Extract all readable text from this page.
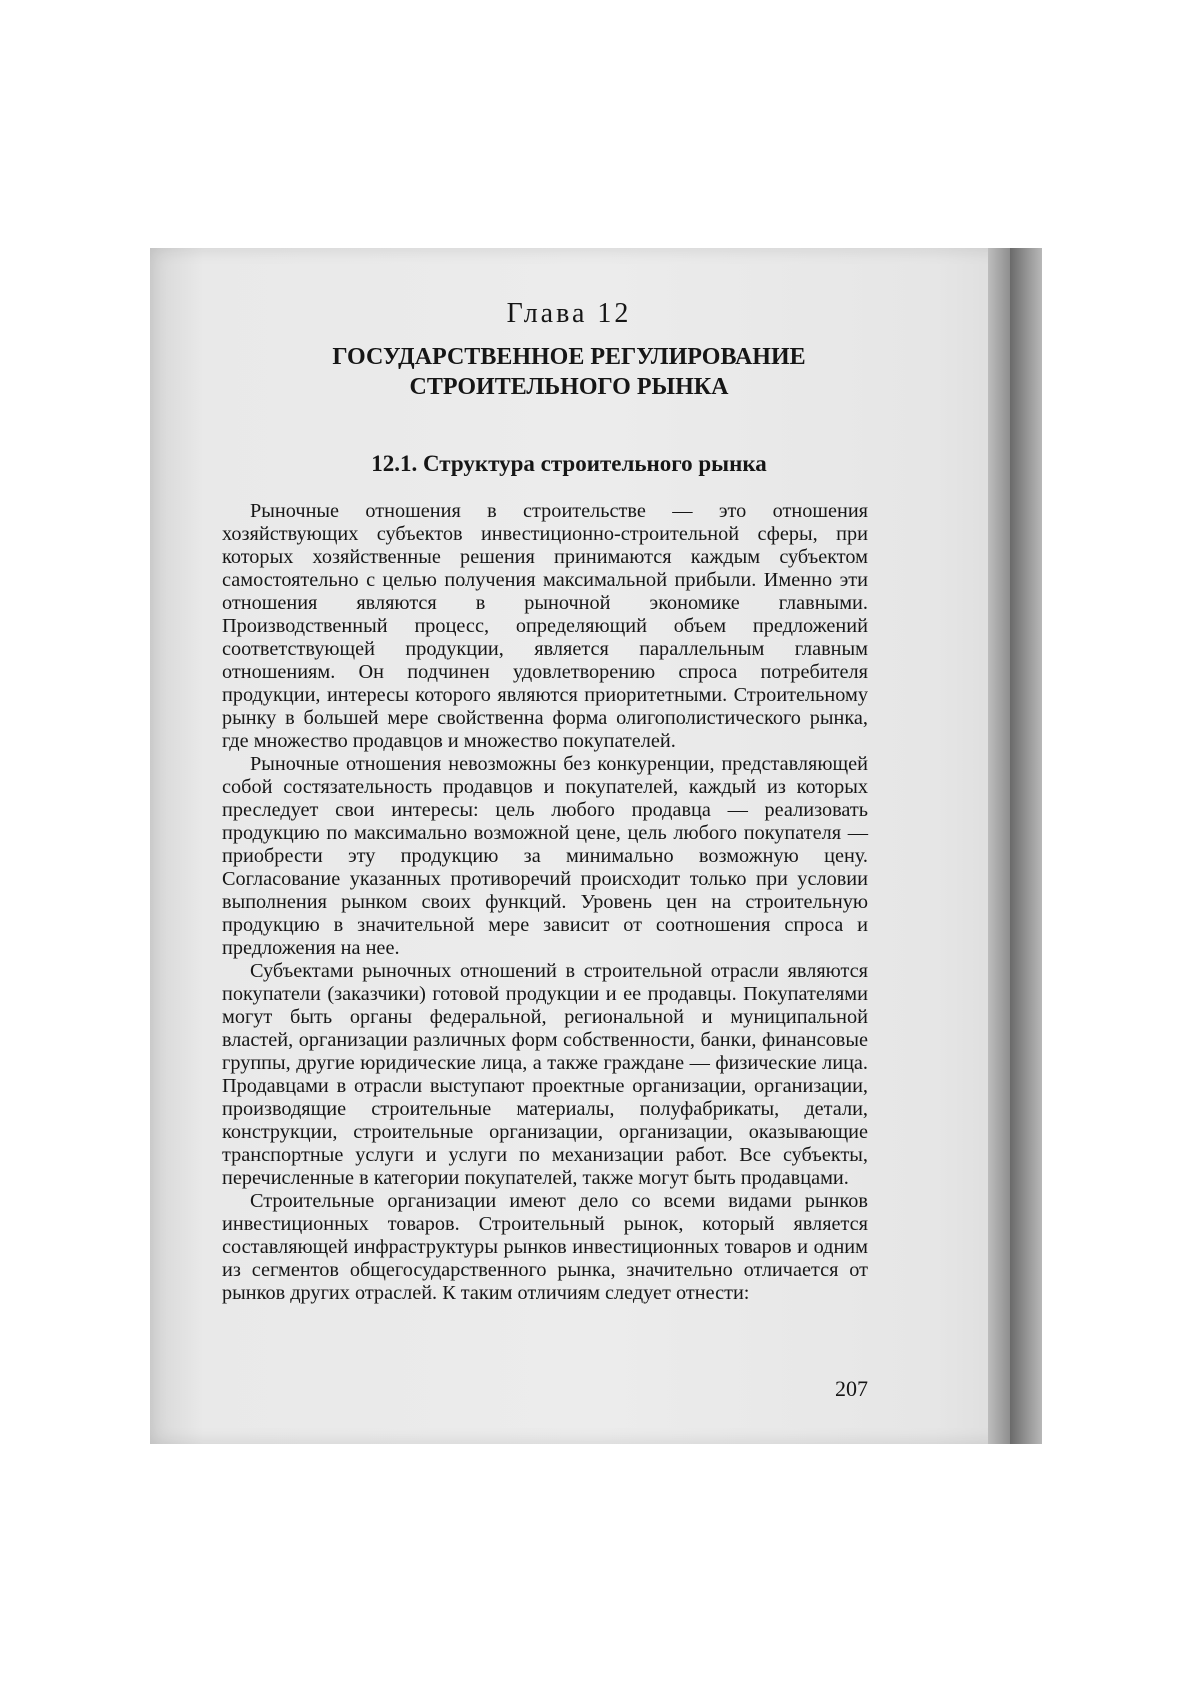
Глава 12
ГОСУДАРСТВЕННОЕ РЕГУЛИРОВАНИЕ
СТРОИТЕЛЬНОГО РЫНКА
12.1. Структура строительного рынка

Рыночные отношения в строительстве — это отношения хозяйствующих субъектов инвестиционно-строительной сферы, при которых хозяйственные решения принимаются каждым субъектом самостоятельно с целью получения максимальной прибыли. Именно эти отношения являются в рыночной экономике главными. Производственный процесс, определяющий объем предложений соответствующей продукции, является параллельным главным отношениям. Он подчинен удовлетворению спроса потребителя продукции, интересы которого являются приоритетными. Строительному рынку в большей мере свойственна форма олигополистического рынка, где множество продавцов и множество покупателей.

Рыночные отношения невозможны без конкуренции, представляющей собой состязательность продавцов и покупателей, каждый из которых преследует свои интересы: цель любого продавца — реализовать продукцию по максимально возможной цене, цель любого покупателя — приобрести эту продукцию за минимально возможную цену. Согласование указанных противоречий происходит только при условии выполнения рынком своих функций. Уровень цен на строительную продукцию в значительной мере зависит от соотношения спроса и предложения на нее.

Субъектами рыночных отношений в строительной отрасли являются покупатели (заказчики) готовой продукции и ее продавцы. Покупателями могут быть органы федеральной, региональной и муниципальной властей, организации различных форм собственности, банки, финансовые группы, другие юридические лица, а также граждане — физические лица. Продавцами в отрасли выступают проектные организации, организации, производящие строительные материалы, полуфабрикаты, детали, конструкции, строительные организации, организации, оказывающие транспортные услуги и услуги по механизации работ. Все субъекты, перечисленные в категории покупателей, также могут быть продавцами.

Строительные организации имеют дело со всеми видами рынков инвестиционных товаров. Строительный рынок, который является составляющей инфраструктуры рынков инвестиционных товаров и одним из сегментов общегосударственного рынка, значительно отличается от рынков других отраслей. К таким отличиям следует отнести:

207
